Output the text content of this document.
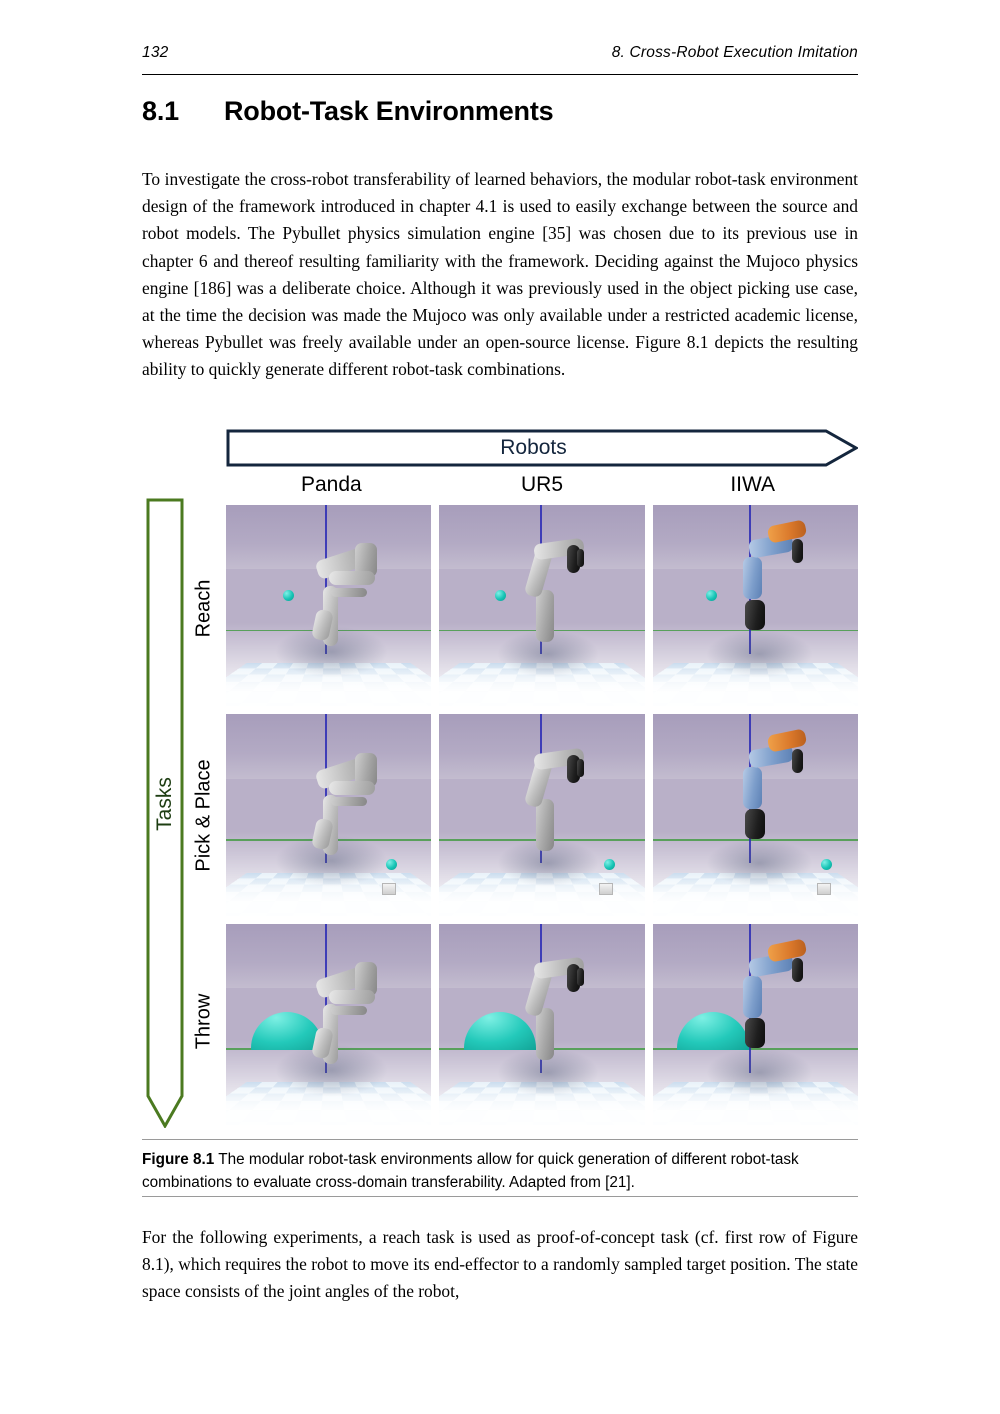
132	8. Cross-Robot Execution Imitation
8.1	Robot-Task Environments
To investigate the cross-robot transferability of learned behaviors, the modular robot-task environment design of the framework introduced in chapter 4.1 is used to easily exchange between the source and robot models. The Pybullet physics simulation engine [35] was chosen due to its previous use in chapter 6 and thereof resulting familiarity with the framework. Deciding against the Mujoco physics engine [186] was a deliberate choice. Although it was previously used in the object picking use case, at the time the decision was made the Mujoco was only available under a restricted academic license, whereas Pybullet was freely available under an open-source license. Figure 8.1 depicts the resulting ability to quickly generate different robot-task combinations.
Robots
Tasks
Panda	UR5	IIWA
Reach
Pick & Place
Throw
Figure 8.1 The modular robot-task environments allow for quick generation of different robot-task combinations to evaluate cross-domain transferability. Adapted from [21].
For the following experiments, a reach task is used as proof-of-concept task (cf. first row of Figure 8.1), which requires the robot to move its end-effector to a randomly sampled target position. The state space consists of the joint angles of the robot,
